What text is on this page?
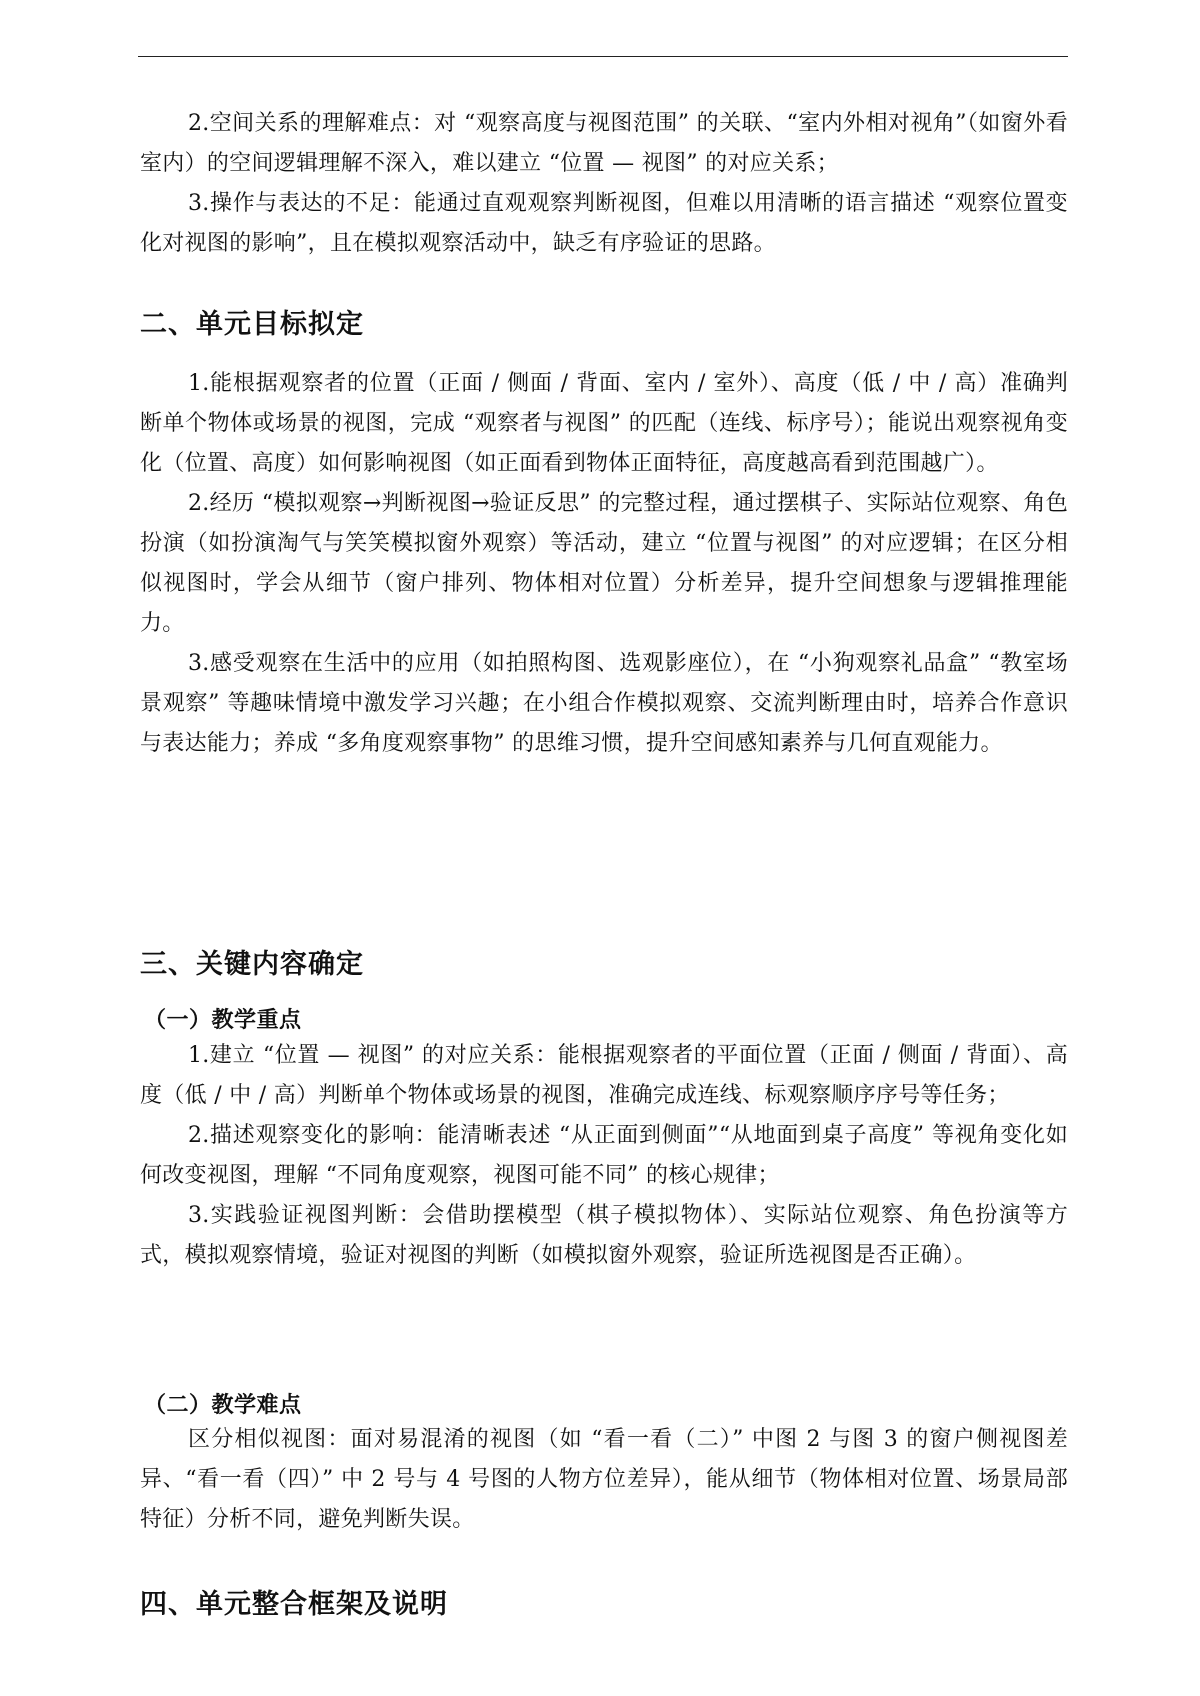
2.空间关系的理解难点：对 “观察高度与视图范围” 的关联、“室内外相对视角”（如窗外看室内）的空间逻辑理解不深入，难以建立 “位置 — 视图” 的对应关系；

3.操作与表达的不足：能通过直观观察判断视图，但难以用清晰的语言描述 “观察位置变化对视图的影响”，且在模拟观察活动中，缺乏有序验证的思路。

二、单元目标拟定

1.能根据观察者的位置（正面 / 侧面 / 背面、室内 / 室外）、高度（低 / 中 / 高）准确判断单个物体或场景的视图，完成 “观察者与视图” 的匹配（连线、标序号）；能说出观察视角变化（位置、高度）如何影响视图（如正面看到物体正面特征，高度越高看到范围越广）。

2.经历 “模拟观察→判断视图→验证反思” 的完整过程，通过摆棋子、实际站位观察、角色扮演（如扮演淘气与笑笑模拟窗外观察）等活动，建立 “位置与视图” 的对应逻辑；在区分相似视图时，学会从细节（窗户排列、物体相对位置）分析差异，提升空间想象与逻辑推理能力。

3.感受观察在生活中的应用（如拍照构图、选观影座位），在 “小狗观察礼品盒” “教室场景观察” 等趣味情境中激发学习兴趣；在小组合作模拟观察、交流判断理由时，培养合作意识与表达能力；养成 “多角度观察事物” 的思维习惯，提升空间感知素养与几何直观能力。

三、关键内容确定
（一）教学重点

1.建立 “位置 — 视图” 的对应关系：能根据观察者的平面位置（正面 / 侧面 / 背面）、高度（低 / 中 / 高）判断单个物体或场景的视图，准确完成连线、标观察顺序序号等任务；

2.描述观察变化的影响：能清晰表述 “从正面到侧面”“从地面到桌子高度” 等视角变化如何改变视图，理解 “不同角度观察，视图可能不同” 的核心规律；

3.实践验证视图判断：会借助摆模型（棋子模拟物体）、实际站位观察、角色扮演等方式，模拟观察情境，验证对视图的判断（如模拟窗外观察，验证所选视图是否正确）。

（二）教学难点

区分相似视图：面对易混淆的视图（如 “看一看（二）” 中图 2 与图 3 的窗户侧视图差异、“看一看（四）” 中 2 号与 4 号图的人物方位差异），能从细节（物体相对位置、场景局部特征）分析不同，避免判断失误。

四、单元整合框架及说明
